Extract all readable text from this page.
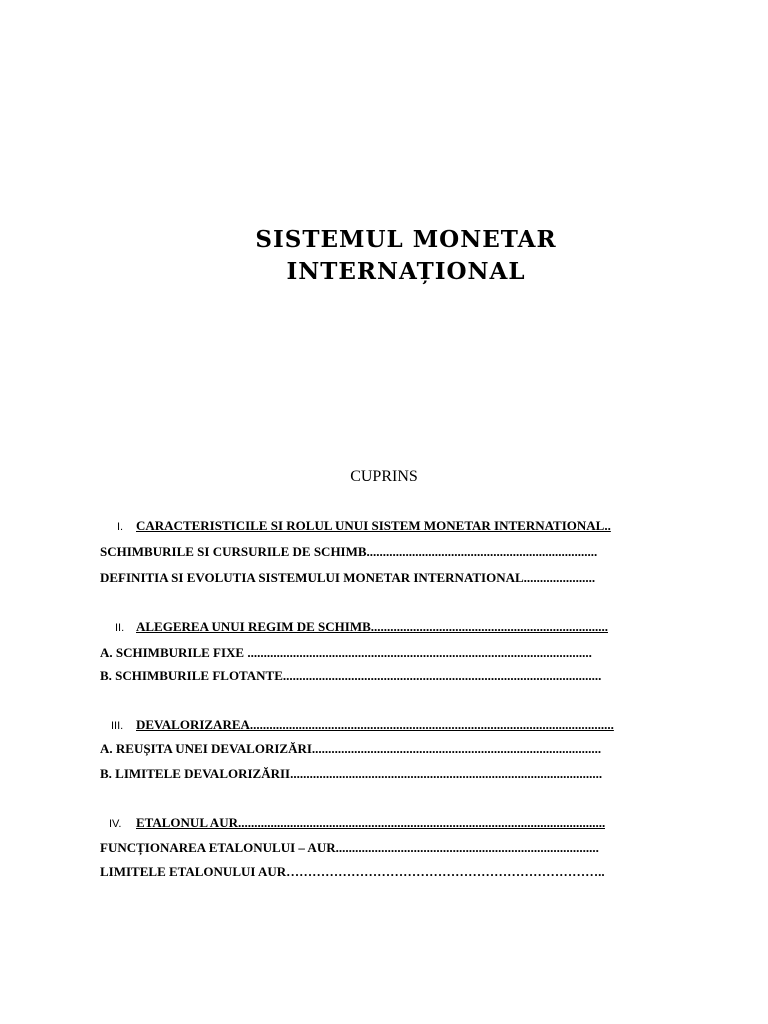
SISTEMUL MONETAR
INTERNAȚIONAL
CUPRINS
I. CARACTERISTICILE SI ROLUL UNUI SISTEM MONETAR INTERNATIONAL..
SCHIMBURILE SI CURSURILE DE SCHIMB.......................................................................
DEFINITIA SI EVOLUTIA SISTEMULUI MONETAR INTERNATIONAL......................
II. ALEGEREA UNUI REGIM DE SCHIMB.........................................................................
A. SCHIMBURILE FIXE ..........................................................................................................
B. SCHIMBURILE FLOTANTE..................................................................................................
III. DEVALORIZAREA................................................................................................................
A. REUȘITA UNEI DEVALORIZĂRI.........................................................................................
B. LIMITELE DEVALORIZĂRII................................................................................................
IV. ETALONUL AUR.................................................................................................................
FUNCȚIONAREA ETALONULUI – AUR.................................................................................
LIMITELE ETALONULUI AUR………………………………………………………………..
